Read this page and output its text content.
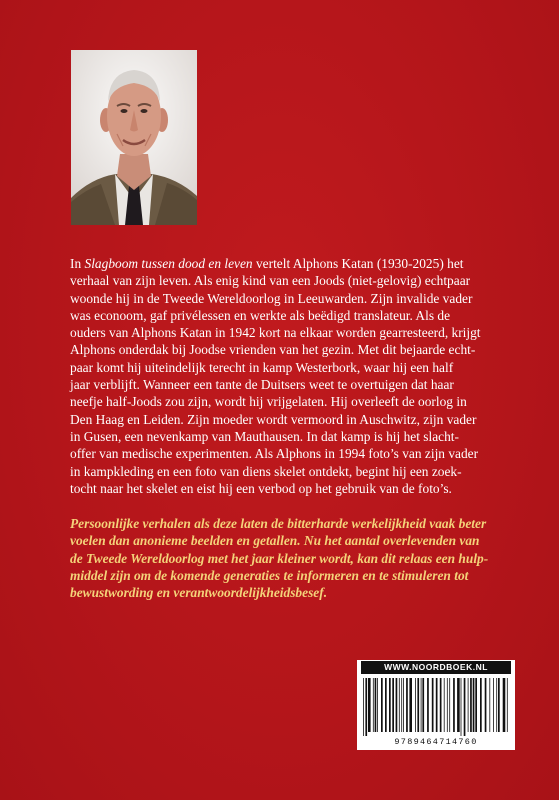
In Slagboom tussen dood en leven vertelt Alphons Katan (1930-2025) het
verhaal van zijn leven. Als enig kind van een Joods (niet-gelovig) echtpaar
woonde hij in de Tweede Wereldoorlog in Leeuwarden. Zijn invalide vader
was econoom, gaf privélessen en werkte als beëdigd translateur. Als de
ouders van Alphons Katan in 1942 kort na elkaar worden gearresteerd, krijgt
Alphons onderdak bij Joodse vrienden van het gezin. Met dit bejaarde echt-
paar komt hij uiteindelijk terecht in kamp Westerbork, waar hij een half
jaar verblijft. Wanneer een tante de Duitsers weet te overtuigen dat haar
neefje half-Joods zou zijn, wordt hij vrijgelaten. Hij overleeft de oorlog in
Den Haag en Leiden. Zijn moeder wordt vermoord in Auschwitz, zijn vader
in Gusen, een nevenkamp van Mauthausen. In dat kamp is hij het slacht-
offer van medische experimenten. Als Alphons in 1994 foto’s van zijn vader
in kampkleding en een foto van diens skelet ontdekt, begint hij een zoek-
tocht naar het skelet en eist hij een verbod op het gebruik van de foto’s.

Persoonlijke verhalen als deze laten de bitterharde werkelijkheid vaak beter
voelen dan anonieme beelden en getallen. Nu het aantal overlevenden van
de Tweede Wereldoorlog met het jaar kleiner wordt, kan dit relaas een hulp-
middel zijn om de komende generaties te informeren en te stimuleren tot
bewustwording en verantwoordelijkheidsbesef.

WWW.NOORDBOEK.NL
9789464714760
